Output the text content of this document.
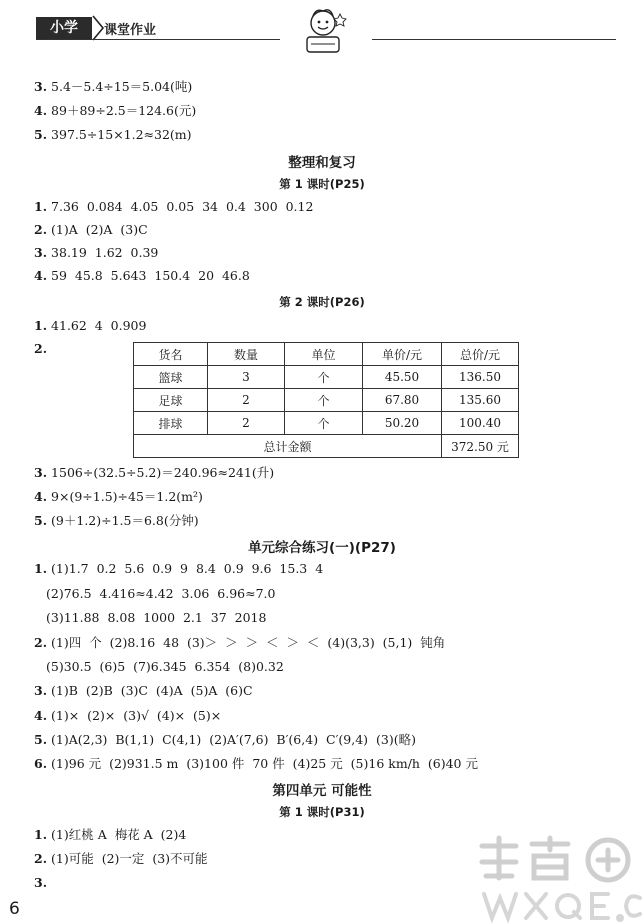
小学	课堂作业
3. 5.4－5.4÷15＝5.04(吨)
4. 89＋89÷2.5＝124.6(元)
5. 397.5÷15×1.2≈32(m)
整理和复习
第 1 课时(P25)
1. 7.36  0.084  4.05  0.05  34  0.4  300  0.12
2. (1)A  (2)A  (3)C
3. 38.19  1.62  0.39
4. 59  45.8  5.643  150.4  20  46.8
第 2 课时(P26)
1. 41.62  4  0.909
2.	货名	数量	单位	单价/元	总价/元
篮球	3	个	45.50	136.50
足球	2	个	67.80	135.60
排球	2	个	50.20	100.40
总计金额				372.50 元
3. 1506÷(32.5÷5.2)＝240.96≈241(升)
4. 9×(9÷1.5)÷45＝1.2(m²)
5. (9＋1.2)÷1.5＝6.8(分钟)
单元综合练习(一)(P27)
1. (1)1.7  0.2  5.6  0.9  9  8.4  0.9  9.6  15.3  4
(2)76.5  4.416≈4.42  3.06  6.96̇≈7.0
(3)11.88  8.08  1000  2.1  37  2018
2. (1)四  个  (2)8.16  48  (3)＞  ＞  ＞  ＜  ＞  ＜  (4)(3,3)  (5,1)  钝角
(5)30.5  (6)5  (7)6.345  6.354  (8)0.32
3. (1)B  (2)B  (3)C  (4)A  (5)A  (6)C
4. (1)×  (2)×  (3)√  (4)×  (5)×
5. (1)A(2,3)  B(1,1)  C(4,1)  (2)A′(7,6)  B′(6,4)  C′(9,4)  (3)(略)
6. (1)96 元  (2)931.5 m  (3)100 件  70 件  (4)25 元  (5)16 km/h  (6)40 元
第四单元 可能性
第 1 课时(P31)
1. (1)红桃 A  梅花 A  (2)4
2. (1)可能  (2)一定  (3)不可能
3.
6
